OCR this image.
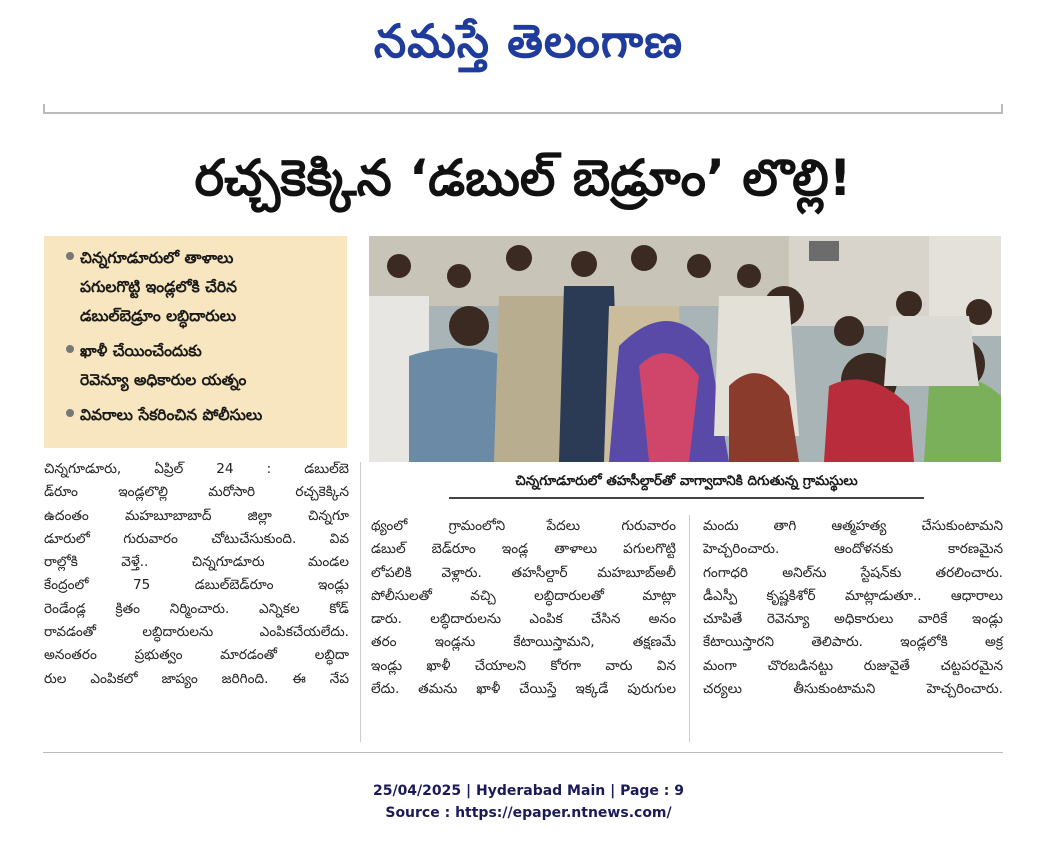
నమస్తే తెలంగాణ
రచ్చకెక్కిన ‘డబుల్ బెడ్రూం’ లొల్లి!
చిన్నగూడూరులో తాళాలు
పగులగొట్టి ఇండ్లలోకి చేరిన
డబుల్‌బెడ్రూం లబ్ధిదారులు
ఖాళీ చేయించేందుకు
రెవెన్యూ అధికారుల యత్నం
వివరాలు సేకరించిన పోలీసులు
చిన్నగూడూరులో తహసీల్దార్‌తో వాగ్వాదానికి దిగుతున్న గ్రామస్థులు

చిన్నగూడూరు, ఏప్రిల్ 24 : డబుల్‌బె

డ్‌రూం ఇండ్లలొల్లి మరోసారి రచ్చకెక్కిన

ఉదంతం మహబూబాబాద్ జిల్లా చిన్నగూ

డూరులో గురువారం చోటుచేసుకుంది. వివ

రాల్లోకి వెళ్తే.. చిన్నగూడూరు మండల

కేంద్రంలో 75 డబుల్‌బెడ్‌రూం ఇండ్లు

రెండేండ్ల క్రితం నిర్మించారు. ఎన్నికల కోడ్

రావడంతో లబ్ధిదారులను ఎంపికచేయలేదు.

అనంతరం ప్రభుత్వం మారడంతో లబ్ధిదా

రుల ఎంపికలో జాప్యం జరిగింది. ఈ నేప

థ్యంలో గ్రామంలోని పేదలు గురువారం

డబుల్ బెడ్‌రూం ఇండ్ల తాళాలు పగులగొట్టి

లోపలికి వెళ్లారు. తహసీల్దార్ మహబూబ్‌అలీ

పోలీసులతో వచ్చి లబ్ధిదారులతో మాట్లా

డారు. లబ్ధిదారులను ఎంపిక చేసిన అనం

తరం ఇండ్లను కేటాయిస్తామని, తక్షణమే

ఇండ్లు ఖాళీ చేయాలని కోరగా వారు విన

లేదు. తమను ఖాళీ చేయిస్తే ఇక్కడే పురుగుల

మందు తాగి ఆత్మహత్య చేసుకుంటామని

హెచ్చరించారు. ఆందోళనకు కారణమైన

గంగాధరి అనిల్‌ను స్టేషన్‌కు తరలించారు.

డీఎస్పీ కృష్ణకిశోర్ మాట్లాడుతూ.. ఆధారాలు

చూపితే రెవెన్యూ అధికారులు వారికే ఇండ్లు

కేటాయిస్తారని తెలిపారు. ఇండ్లలోకి అక్ర

మంగా చొరబడినట్టు రుజువైతే చట్టపరమైన

చర్యలు తీసుకుంటామని హెచ్చరించారు.

25/04/2025 | Hyderabad Main | Page : 9
Source : https://epaper.ntnews.com/
